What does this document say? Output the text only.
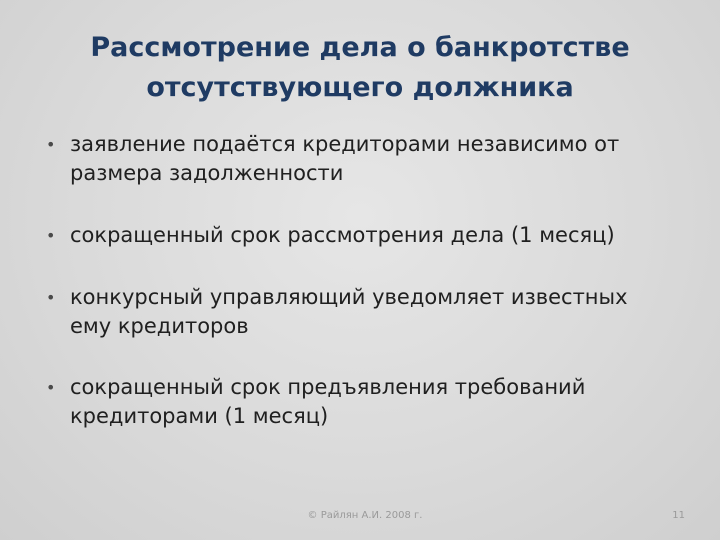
Рассмотрение дела о банкротстве
отсутствующего должника
• заявление подаётся кредиторами независимо от
размера задолженности
• сокращенный срок рассмотрения дела (1 месяц)
• конкурсный управляющий уведомляет известных
ему кредиторов
• сокращенный срок предъявления требований
кредиторами (1 месяц)
© Райлян А.И. 2008 г.	11
